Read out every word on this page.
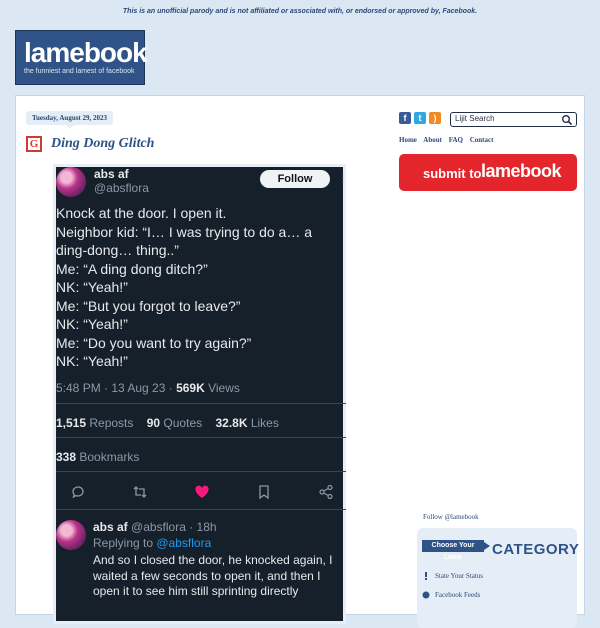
This is an unofficial parody and is not affiliated or associated with, or endorsed or approved by, Facebook.
lamebook
the funniest and lamest of facebook
Tuesday, August 29, 2023
G Ding Dong Glitch
abs af
@absflora
Follow	⋮
Knock at the door. I open it.
Neighbor kid: “I… I was trying to do a… a
ding-dong… thing..”
Me: “A ding dong ditch?”
NK: “Yeah!”
Me: “But you forgot to leave?”
NK: “Yeah!”
Me: “Do you want to try again?”
NK: “Yeah!”
5:48 PM · 13 Aug 23 · 569K Views
1,515 Reposts 90 Quotes 32.8K Likes
338 Bookmarks
abs af @absflora · 18h
Replying to @absflora
And so I closed the door, he knocked again, I
waited a few seconds to open it, and then I
open it to see him still sprinting directly
f	t	)	Lijit Search
Home About FAQ Contact
submit to lamebook
Follow @lamebook
Choose Your Lame	CATEGORY
State Your Status
Facebook Feeds
